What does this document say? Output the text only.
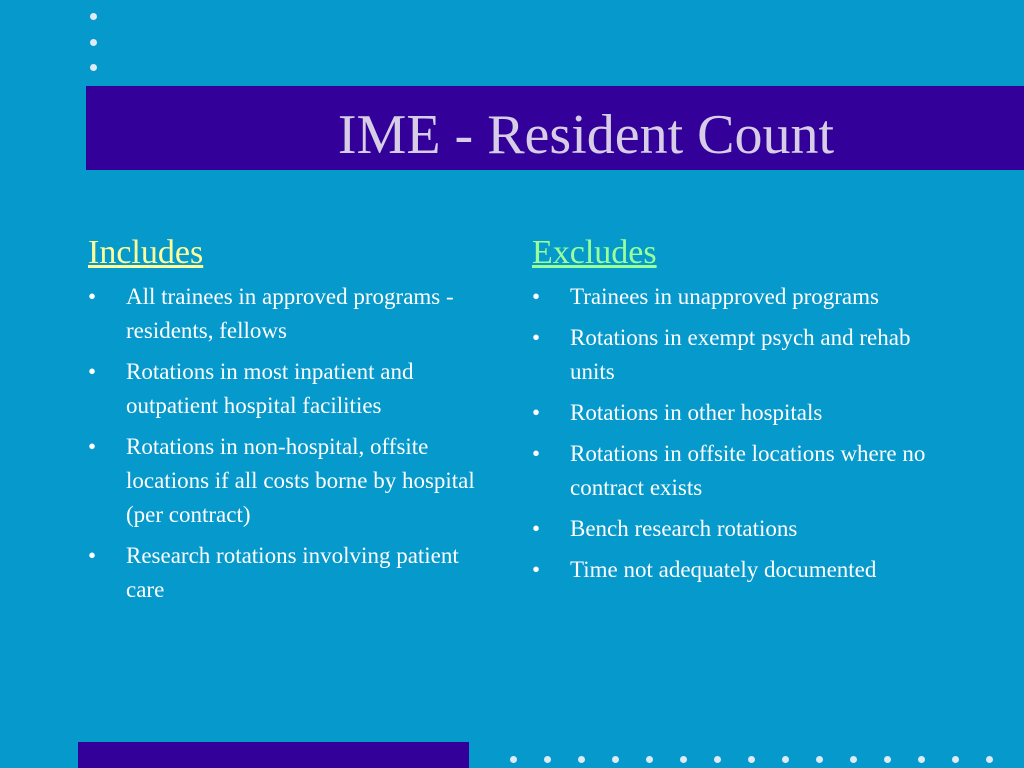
IME - Resident Count
Includes
• All trainees in approved programs - residents, fellows
• Rotations in most inpatient and outpatient hospital facilities
• Rotations in non-hospital, offsite locations if all costs borne by hospital (per contract)
• Research rotations involving patient care
Excludes
• Trainees in unapproved programs
• Rotations in exempt psych and rehab units
• Rotations in other hospitals
• Rotations in offsite locations where no contract exists
• Bench research rotations
• Time not adequately documented
